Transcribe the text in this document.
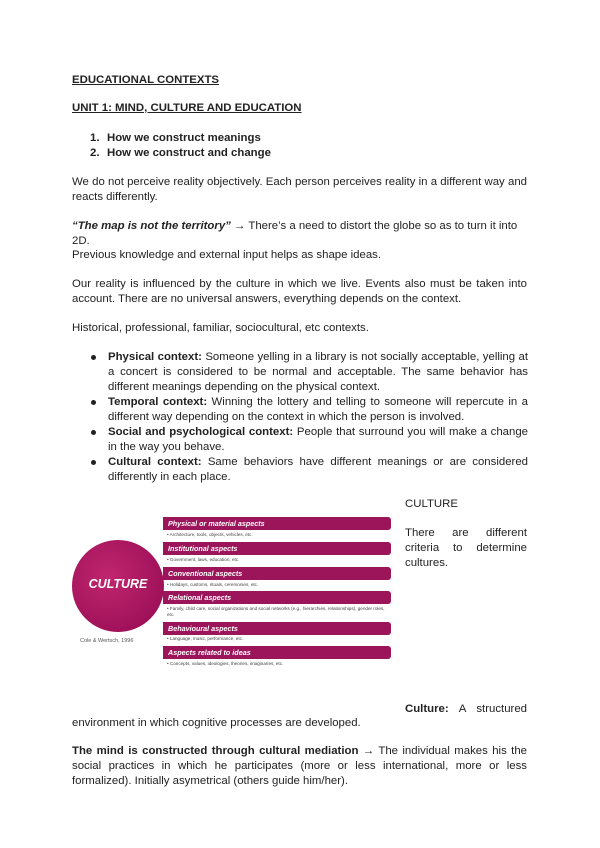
EDUCATIONAL CONTEXTS
UNIT 1: MIND, CULTURE AND EDUCATION
1. How we construct meanings
2. How we construct and change
We do not perceive reality objectively. Each person perceives reality in a different way and reacts differently.
“The map is not the territory” → There’s a need to distort the globe so as to turn it into 2D.
Previous knowledge and external input helps as shape ideas.
Our reality is influenced by the culture in which we live. Events also must be taken into account. There are no universal answers, everything depends on the context.
Historical, professional, familiar, sociocultural, etc contexts.
Physical context: Someone yelling in a library is not socially acceptable, yelling at a concert is considered to be normal and acceptable. The same behavior has different meanings depending on the physical context.
Temporal context: Winning the lottery and telling to someone will repercute in a different way depending on the context in which the person is involved.
Social and psychological context: People that surround you will make a change in the way you behave.
Cultural context: Same behaviors have different meanings or are considered differently in each place.
CULTURE
Physical or material aspects
• Architecture, tools, objects, vehicles, etc.
Institutional aspects
• Government, laws, education, etc.
Conventional aspects
• Holidays, customs, rituals, ceremonies, etc.
Relational aspects
• Family, child care, social organizations and social networks (e.g., hierarchies, relationships), gender roles, etc.
Behavioural aspects
• Language, music, performance, etc.
Cole & Wertsch, 1996
Aspects related to ideas
• Concepts, values, ideologies, theories, imaginaries, etc.
CULTURE
There are different criteria to determine cultures.
Culture: A structured
environment in which cognitive processes are developed.
The mind is constructed through cultural mediation → The individual makes his the social practices in which he participates (more or less international, more or less formalized). Initially asymetrical (others guide him/her).
